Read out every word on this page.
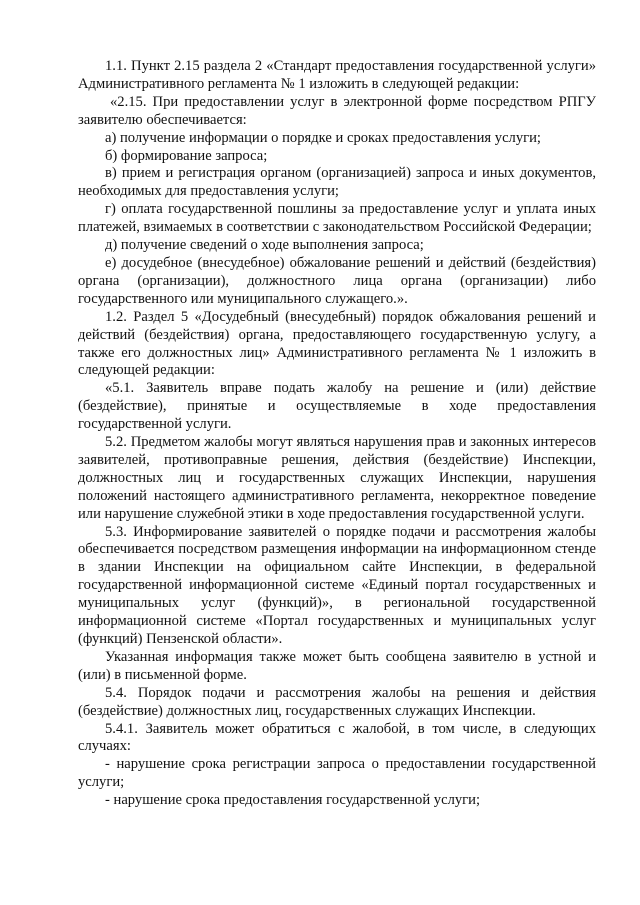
1.1. Пункт 2.15 раздела 2 «Стандарт предоставления государственной услуги» Административного регламента № 1 изложить в следующей редакции:

«2.15. При предоставлении услуг в электронной форме посредством РПГУ заявителю обеспечивается:

а) получение информации о порядке и сроках предоставления услуги;

б) формирование запроса;

в) прием и регистрация органом (организацией) запроса и иных документов, необходимых для предоставления услуги;

г) оплата государственной пошлины за предоставление услуг и уплата иных платежей, взимаемых в соответствии с законодательством Российской Федерации;

д) получение сведений о ходе выполнения запроса;

е) досудебное (внесудебное) обжалование решений и действий (бездействия) органа (организации), должностного лица органа (организации) либо государственного или муниципального служащего.».

1.2. Раздел 5 «Досудебный (внесудебный) порядок обжалования решений и действий (бездействия) органа, предоставляющего государственную услугу, а также его должностных лиц» Административного регламента № 1 изложить в следующей редакции:

«5.1. Заявитель вправе подать жалобу на решение и (или) действие (бездействие), принятые и осуществляемые в ходе предоставления государственной услуги.

5.2. Предметом жалобы могут являться нарушения прав и законных интересов заявителей, противоправные решения, действия (бездействие) Инспекции, должностных лиц и государственных служащих Инспекции, нарушения положений настоящего административного регламента, некорректное поведение или нарушение служебной этики в ходе предоставления государственной услуги.

5.3. Информирование заявителей о порядке подачи и рассмотрения жалобы обеспечивается посредством размещения информации на информационном стенде в здании Инспекции на официальном сайте Инспекции, в федеральной государственной информационной системе «Единый портал государственных и муниципальных услуг (функций)», в региональной государственной информационной системе «Портал государственных и муниципальных услуг (функций) Пензенской области».

Указанная информация также может быть сообщена заявителю в устной и (или) в письменной форме.

5.4. Порядок подачи и рассмотрения жалобы на решения и действия (бездействие) должностных лиц, государственных служащих Инспекции.

5.4.1. Заявитель может обратиться с жалобой, в том числе, в следующих случаях:

- нарушение срока регистрации запроса о предоставлении государственной услуги;

- нарушение срока предоставления государственной услуги;
